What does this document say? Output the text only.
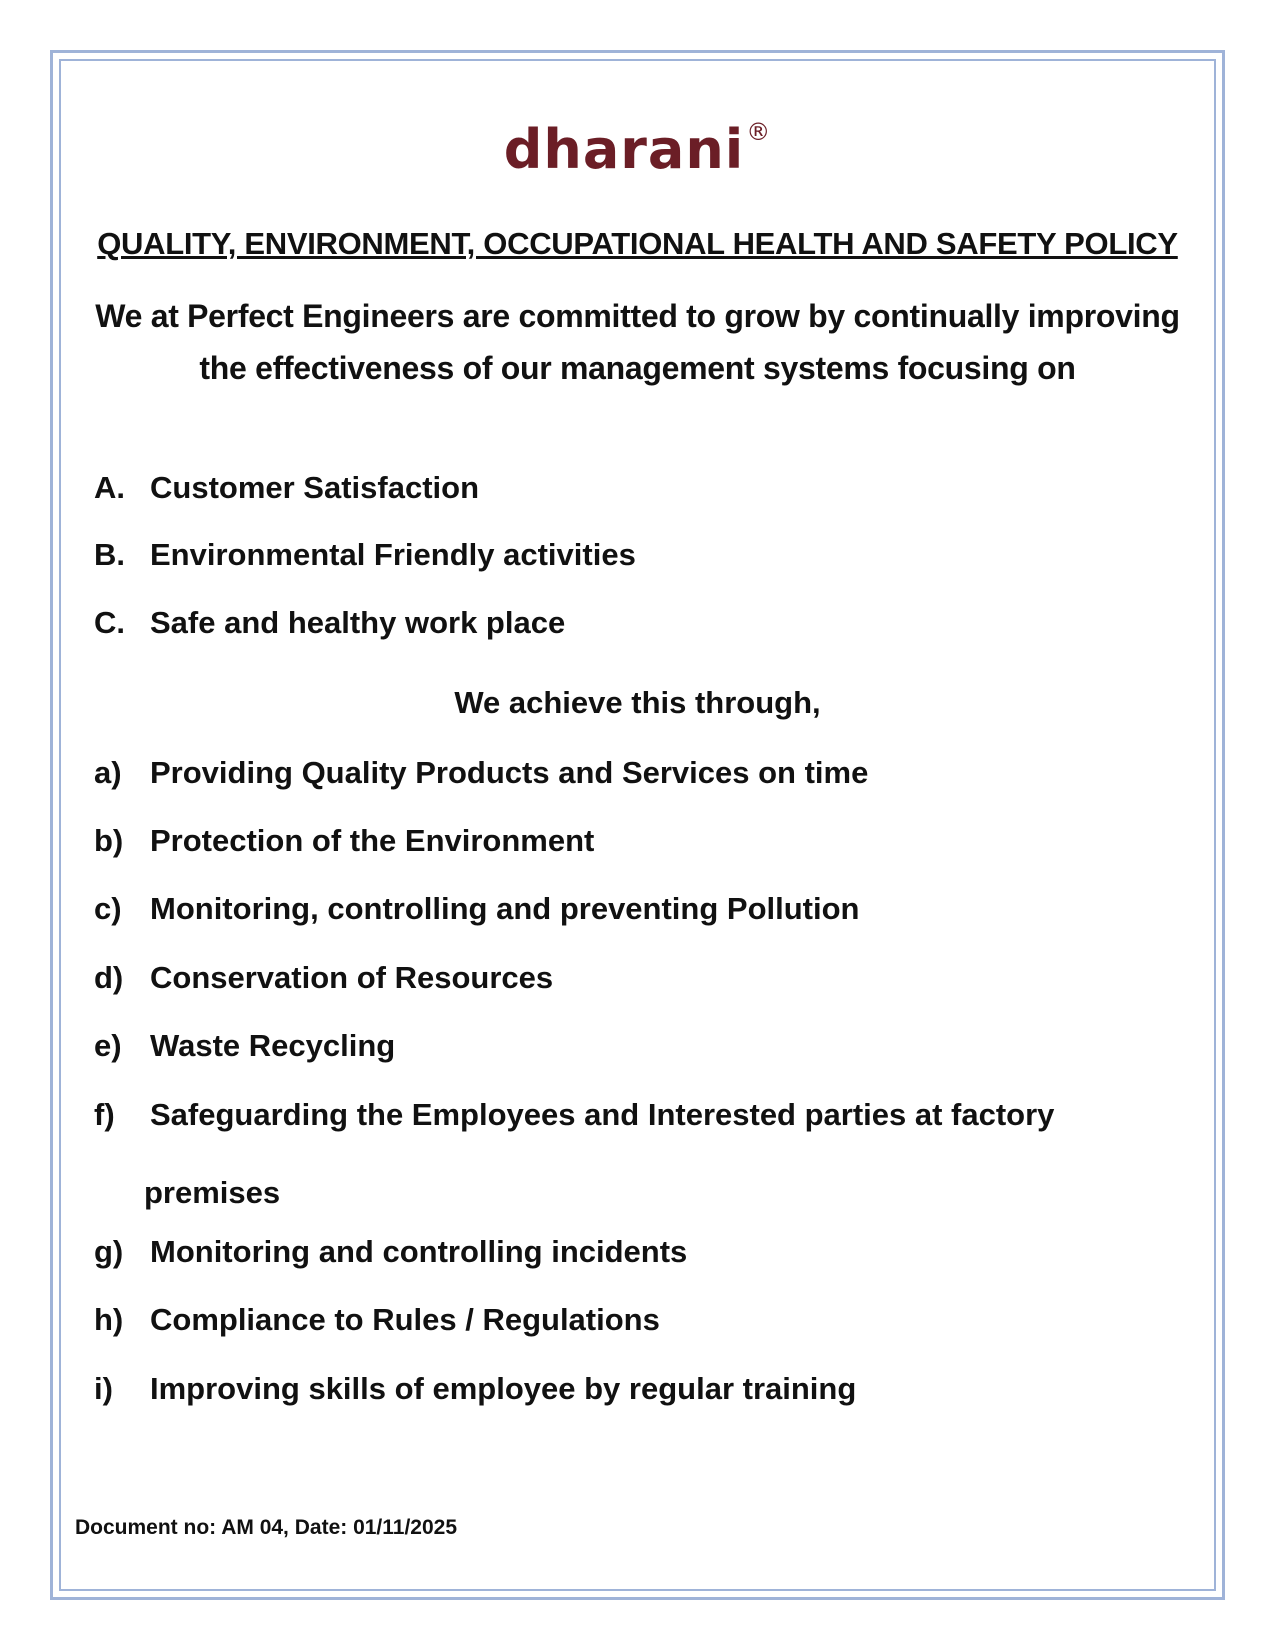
dharani®
QUALITY, ENVIRONMENT, OCCUPATIONAL HEALTH AND SAFETY POLICY
We at Perfect Engineers are committed to grow by continually improving the effectiveness of our management systems focusing on
A. Customer Satisfaction
B. Environmental Friendly activities
C. Safe and healthy work place
We achieve this through,
a) Providing Quality Products and Services on time
b) Protection of the Environment
c) Monitoring, controlling and preventing Pollution
d) Conservation of Resources
e) Waste Recycling
f) Safeguarding the Employees and Interested parties at factory
premises
g) Monitoring and controlling incidents
h) Compliance to Rules / Regulations
i) Improving skills of employee by regular training
Document no: AM 04, Date: 01/11/2025
